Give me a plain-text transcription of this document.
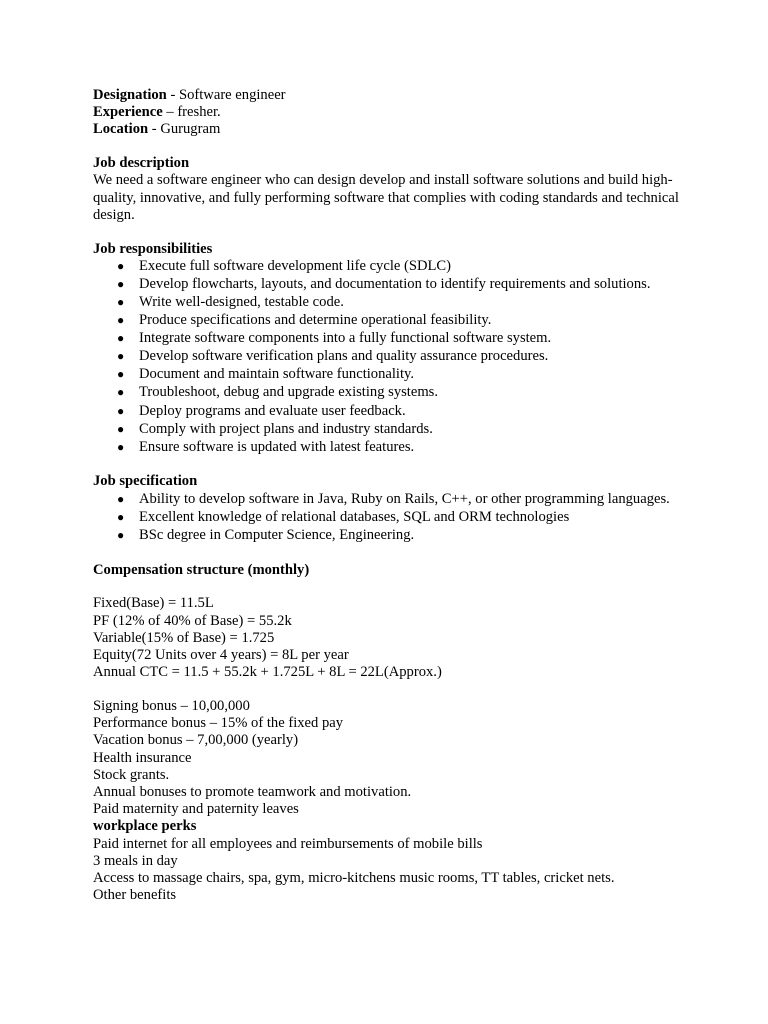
Designation - Software engineer
Experience – fresher.
Location - Gurugram
Job description
We need a software engineer who can design develop and install software solutions and build high-quality, innovative, and fully performing software that complies with coding standards and technical design.
Job responsibilities
● Execute full software development life cycle (SDLC)
● Develop flowcharts, layouts, and documentation to identify requirements and solutions.
● Write well-designed, testable code.
● Produce specifications and determine operational feasibility.
● Integrate software components into a fully functional software system.
● Develop software verification plans and quality assurance procedures.
● Document and maintain software functionality.
● Troubleshoot, debug and upgrade existing systems.
● Deploy programs and evaluate user feedback.
● Comply with project plans and industry standards.
● Ensure software is updated with latest features.
Job specification
● Ability to develop software in Java, Ruby on Rails, C++, or other programming languages.
● Excellent knowledge of relational databases, SQL and ORM technologies
● BSc degree in Computer Science, Engineering.
Compensation structure (monthly)
Fixed(Base) = 11.5L
PF (12% of 40% of Base) = 55.2k
Variable(15% of Base) = 1.725
Equity(72 Units over 4 years) = 8L per year
Annual CTC = 11.5 + 55.2k + 1.725L + 8L = 22L(Approx.)
Signing bonus – 10,00,000
Performance bonus – 15% of the fixed pay
Vacation bonus – 7,00,000 (yearly)
Health insurance
Stock grants.
Annual bonuses to promote teamwork and motivation.
Paid maternity and paternity leaves
workplace perks
Paid internet for all employees and reimbursements of mobile bills
3 meals in day
Access to massage chairs, spa, gym, micro-kitchens music rooms, TT tables, cricket nets.
Other benefits
